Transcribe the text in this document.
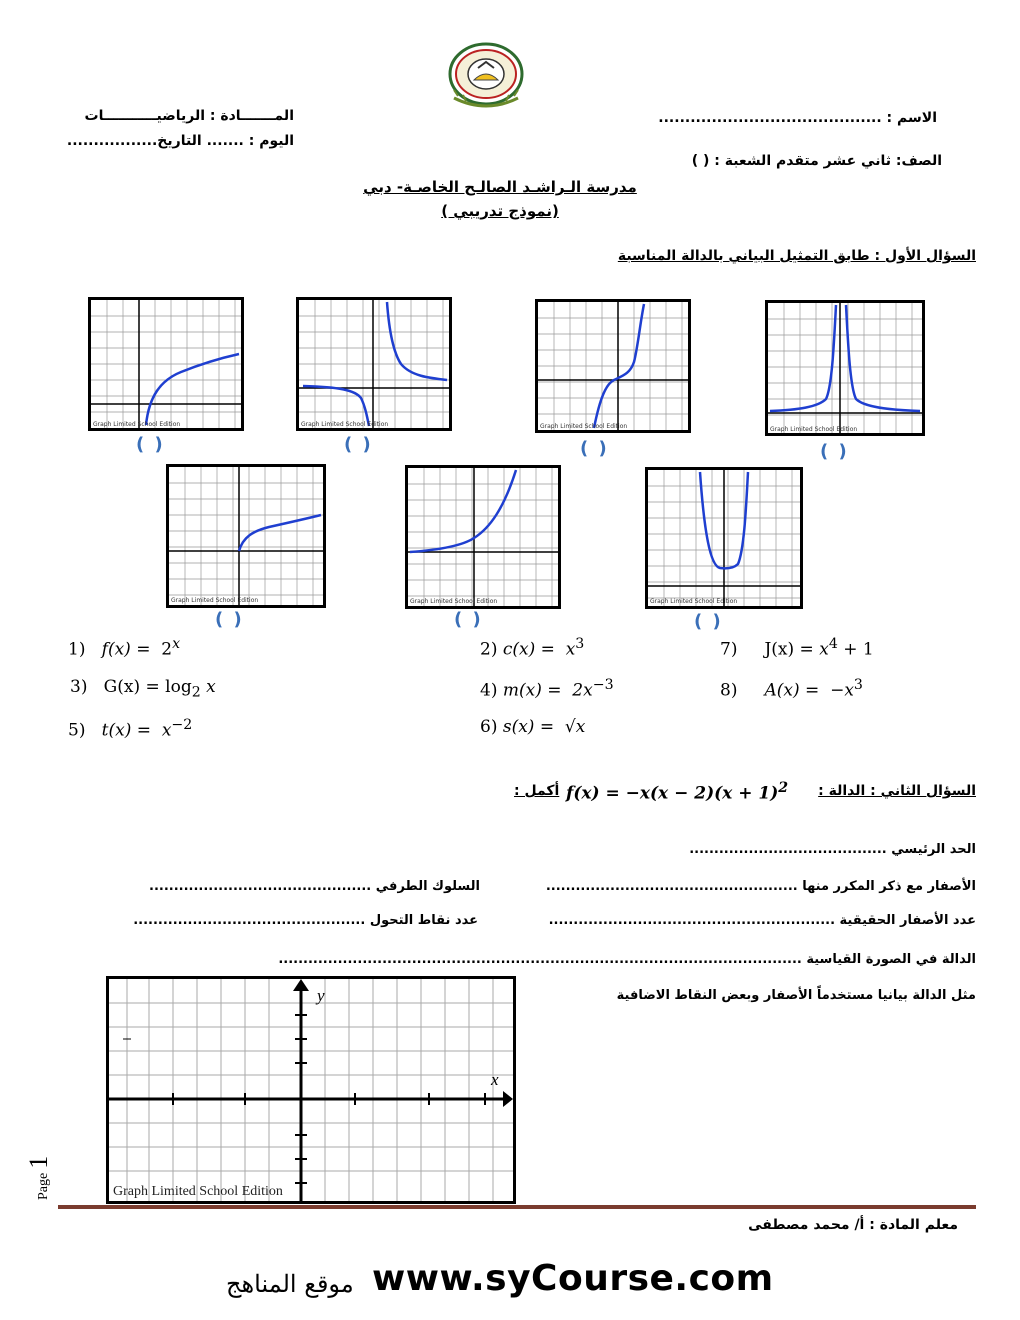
الاسم : ..........................................
الصف: ثاني عشر متقدم الشعبة : ( )
المـــــــادة : الرياضيـــــــــــات
اليوم : ....... التاريخ.................
مدرسة الـراشـد الصالـح الخاصـة- دبي
(نموذج تدريبي )
السؤال الأول : طابق التمثيل البياني بالدالة المناسبة
Graph Limited School Edition
( )
Graph Limited School Edition
( )
Graph Limited School Edition
( )
Graph Limited School Edition
( )
Graph Limited School Edition
( )
Graph Limited School Edition
( )
Graph Limited School Edition
( )
1) $f(x) = 2^x$	2) $c(x) = x^3$	7) $J(x) = x^4 + 1$
3) $G(x) = \log_2 x$	4) $m(x) = 2x^{-3}$	8) $A(x) = -x^3$
5) $t(x) = x^{-2}$	6) s(x) = √x
السؤال الثاني : الدالة :
$f(x) = -x(x - 2)(x + 1)^2$
أكمل :
الحد الرئيسي ........................................
الأصفار مع ذكر المكرر منها ...................................................
السلوك الطرفي .............................................
عدد الأصفار الحقيقية ..........................................................
عدد نقاط التحول ...............................................
الدالة في الصورة القياسية ..........................................................................................................
مثل الدالة بيانيا مستخدماً الأصفار وبعض النقاط الاضافية
y
x
Graph Limited School Edition
Page 1
معلم المادة : أ/ محمد مصطفى
موقع المناهج www.syCourse.com
